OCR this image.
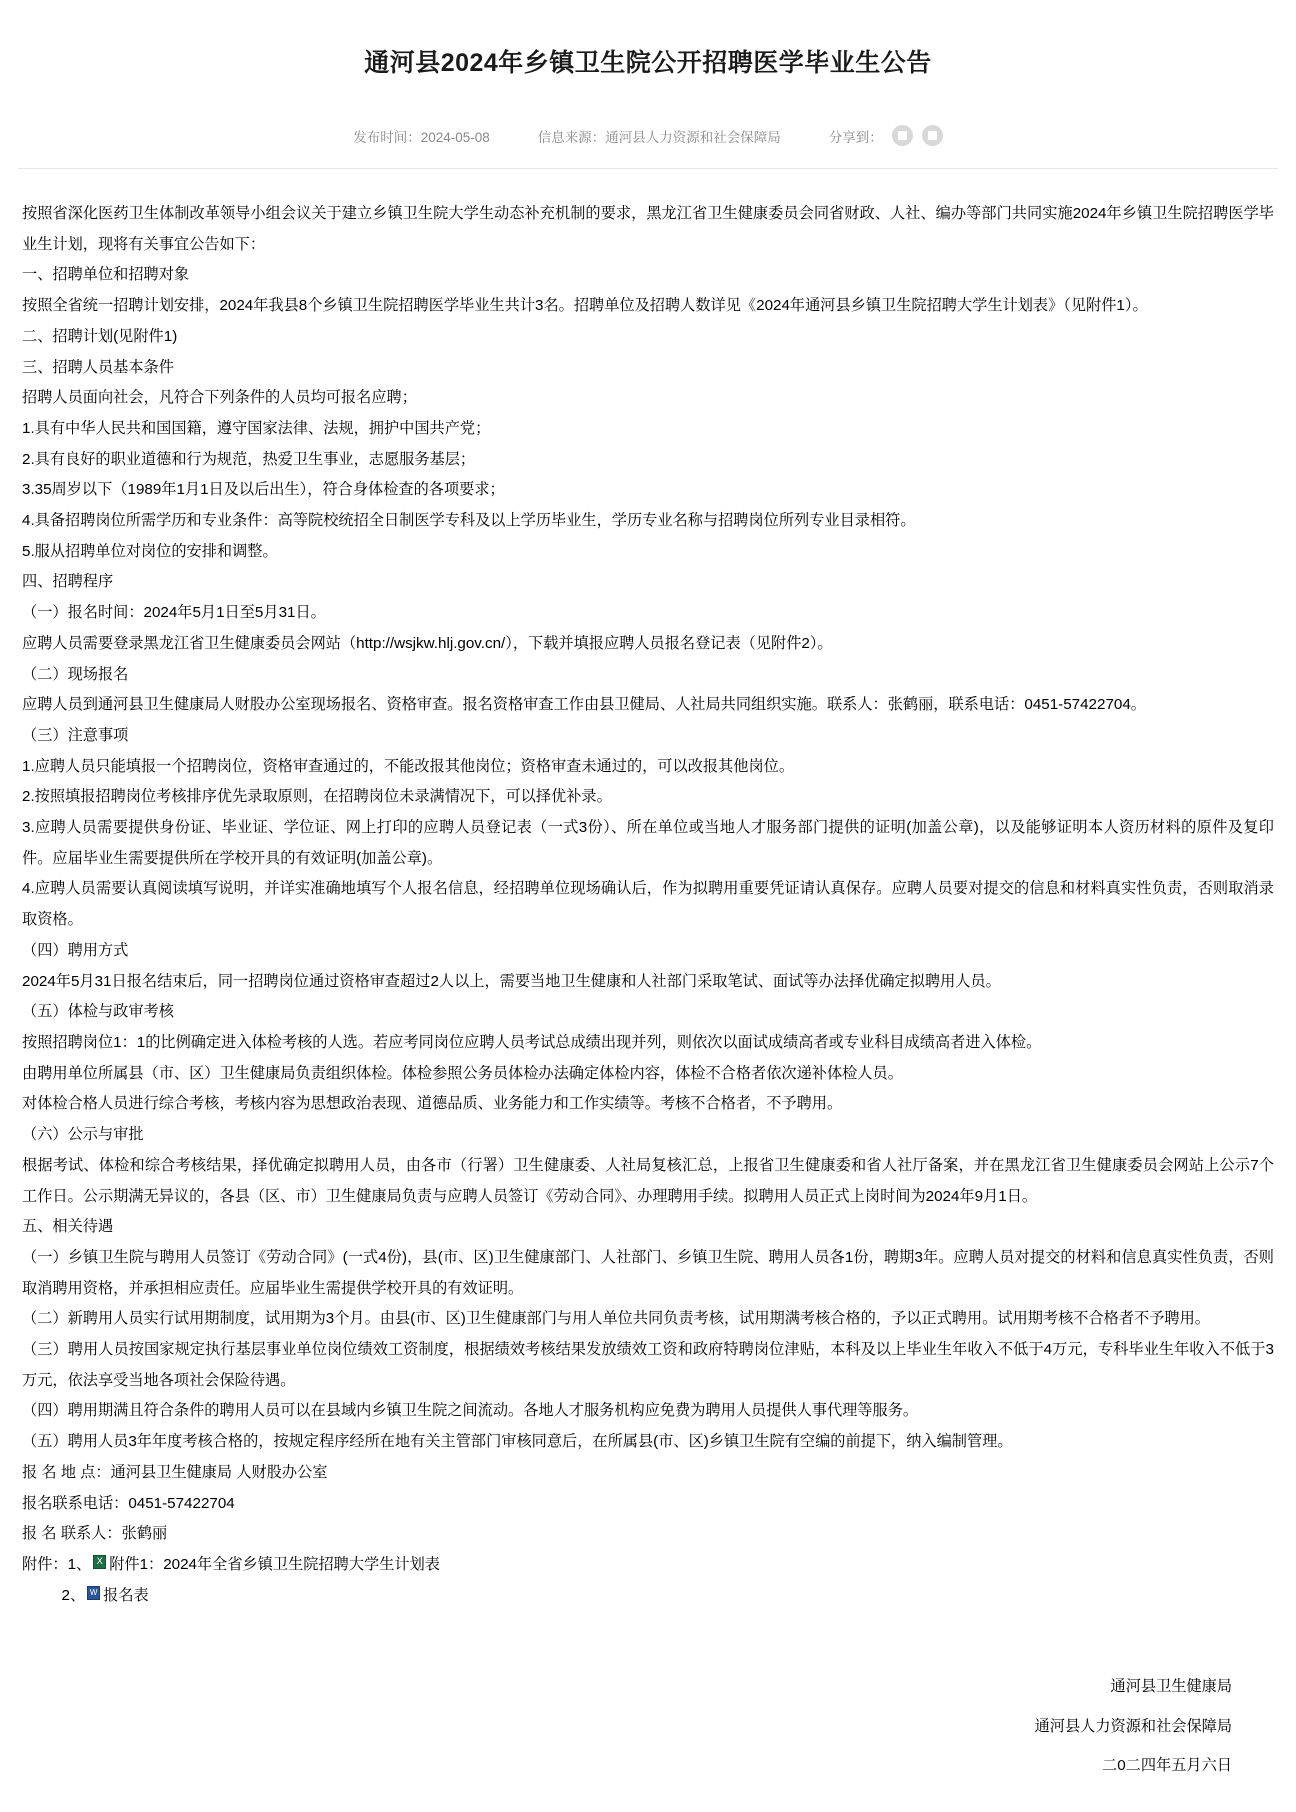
通河县2024年乡镇卫生院公开招聘医学毕业生公告
发布时间：2024-05-08	信息来源：通河县人力资源和社会保障局	分享到：

按照省深化医药卫生体制改革领导小组会议关于建立乡镇卫生院大学生动态补充机制的要求，黑龙江省卫生健康委员会同省财政、人社、编办等部门共同实施2024年乡镇卫生院招聘医学毕业生计划，现将有关事宜公告如下：

一、招聘单位和招聘对象

按照全省统一招聘计划安排，2024年我县8个乡镇卫生院招聘医学毕业生共计3名。招聘单位及招聘人数详见《2024年通河县乡镇卫生院招聘大学生计划表》（见附件1）。

二、招聘计划(见附件1)

三、招聘人员基本条件

招聘人员面向社会，凡符合下列条件的人员均可报名应聘；

1.具有中华人民共和国国籍，遵守国家法律、法规，拥护中国共产党；

2.具有良好的职业道德和行为规范，热爱卫生事业，志愿服务基层；

3.35周岁以下（1989年1月1日及以后出生），符合身体检查的各项要求；

4.具备招聘岗位所需学历和专业条件：高等院校统招全日制医学专科及以上学历毕业生，学历专业名称与招聘岗位所列专业目录相符。

5.服从招聘单位对岗位的安排和调整。

四、招聘程序

（一）报名时间：2024年5月1日至5月31日。

应聘人员需要登录黑龙江省卫生健康委员会网站（http://wsjkw.hlj.gov.cn/），下载并填报应聘人员报名登记表（见附件2）。

（二）现场报名

应聘人员到通河县卫生健康局人财股办公室现场报名、资格审查。报名资格审查工作由县卫健局、人社局共同组织实施。联系人：张鹤丽，联系电话：0451-57422704。

（三）注意事项

1.应聘人员只能填报一个招聘岗位，资格审查通过的，不能改报其他岗位；资格审查未通过的，可以改报其他岗位。

2.按照填报招聘岗位考核排序优先录取原则，在招聘岗位未录满情况下，可以择优补录。

3.应聘人员需要提供身份证、毕业证、学位证、网上打印的应聘人员登记表（一式3份）、所在单位或当地人才服务部门提供的证明(加盖公章)，以及能够证明本人资历材料的原件及复印件。应届毕业生需要提供所在学校开具的有效证明(加盖公章)。

4.应聘人员需要认真阅读填写说明，并详实准确地填写个人报名信息，经招聘单位现场确认后，作为拟聘用重要凭证请认真保存。应聘人员要对提交的信息和材料真实性负责，否则取消录取资格。

（四）聘用方式

2024年5月31日报名结束后，同一招聘岗位通过资格审查超过2人以上，需要当地卫生健康和人社部门采取笔试、面试等办法择优确定拟聘用人员。

（五）体检与政审考核

按照招聘岗位1：1的比例确定进入体检考核的人选。若应考同岗位应聘人员考试总成绩出现并列，则依次以面试成绩高者或专业科目成绩高者进入体检。

由聘用单位所属县（市、区）卫生健康局负责组织体检。体检参照公务员体检办法确定体检内容，体检不合格者依次递补体检人员。

对体检合格人员进行综合考核，考核内容为思想政治表现、道德品质、业务能力和工作实绩等。考核不合格者，不予聘用。

（六）公示与审批

根据考试、体检和综合考核结果，择优确定拟聘用人员，由各市（行署）卫生健康委、人社局复核汇总，上报省卫生健康委和省人社厅备案，并在黑龙江省卫生健康委员会网站上公示7个工作日。公示期满无异议的，各县（区、市）卫生健康局负责与应聘人员签订《劳动合同》、办理聘用手续。拟聘用人员正式上岗时间为2024年9月1日。

五、相关待遇

（一）乡镇卫生院与聘用人员签订《劳动合同》(一式4份)，县(市、区)卫生健康部门、人社部门、乡镇卫生院、聘用人员各1份，聘期3年。应聘人员对提交的材料和信息真实性负责，否则取消聘用资格，并承担相应责任。应届毕业生需提供学校开具的有效证明。

（二）新聘用人员实行试用期制度，试用期为3个月。由县(市、区)卫生健康部门与用人单位共同负责考核，试用期满考核合格的，予以正式聘用。试用期考核不合格者不予聘用。

（三）聘用人员按国家规定执行基层事业单位岗位绩效工资制度，根据绩效考核结果发放绩效工资和政府特聘岗位津贴，本科及以上毕业生年收入不低于4万元，专科毕业生年收入不低于3万元，依法享受当地各项社会保险待遇。

（四）聘用期满且符合条件的聘用人员可以在县域内乡镇卫生院之间流动。各地人才服务机构应免费为聘用人员提供人事代理等服务。

（五）聘用人员3年年度考核合格的，按规定程序经所在地有关主管部门审核同意后，在所属县(市、区)乡镇卫生院有空编的前提下，纳入编制管理。

报 名 地 点：通河县卫生健康局 人财股办公室

报名联系电话：0451-57422704

报 名 联系人：张鹤丽

附件：1、 X 附件1：2024年全省乡镇卫生院招聘大学生计划表

2、 W 报名表

通河县卫生健康局

通河县人力资源和社会保障局

二0二四年五月六日
